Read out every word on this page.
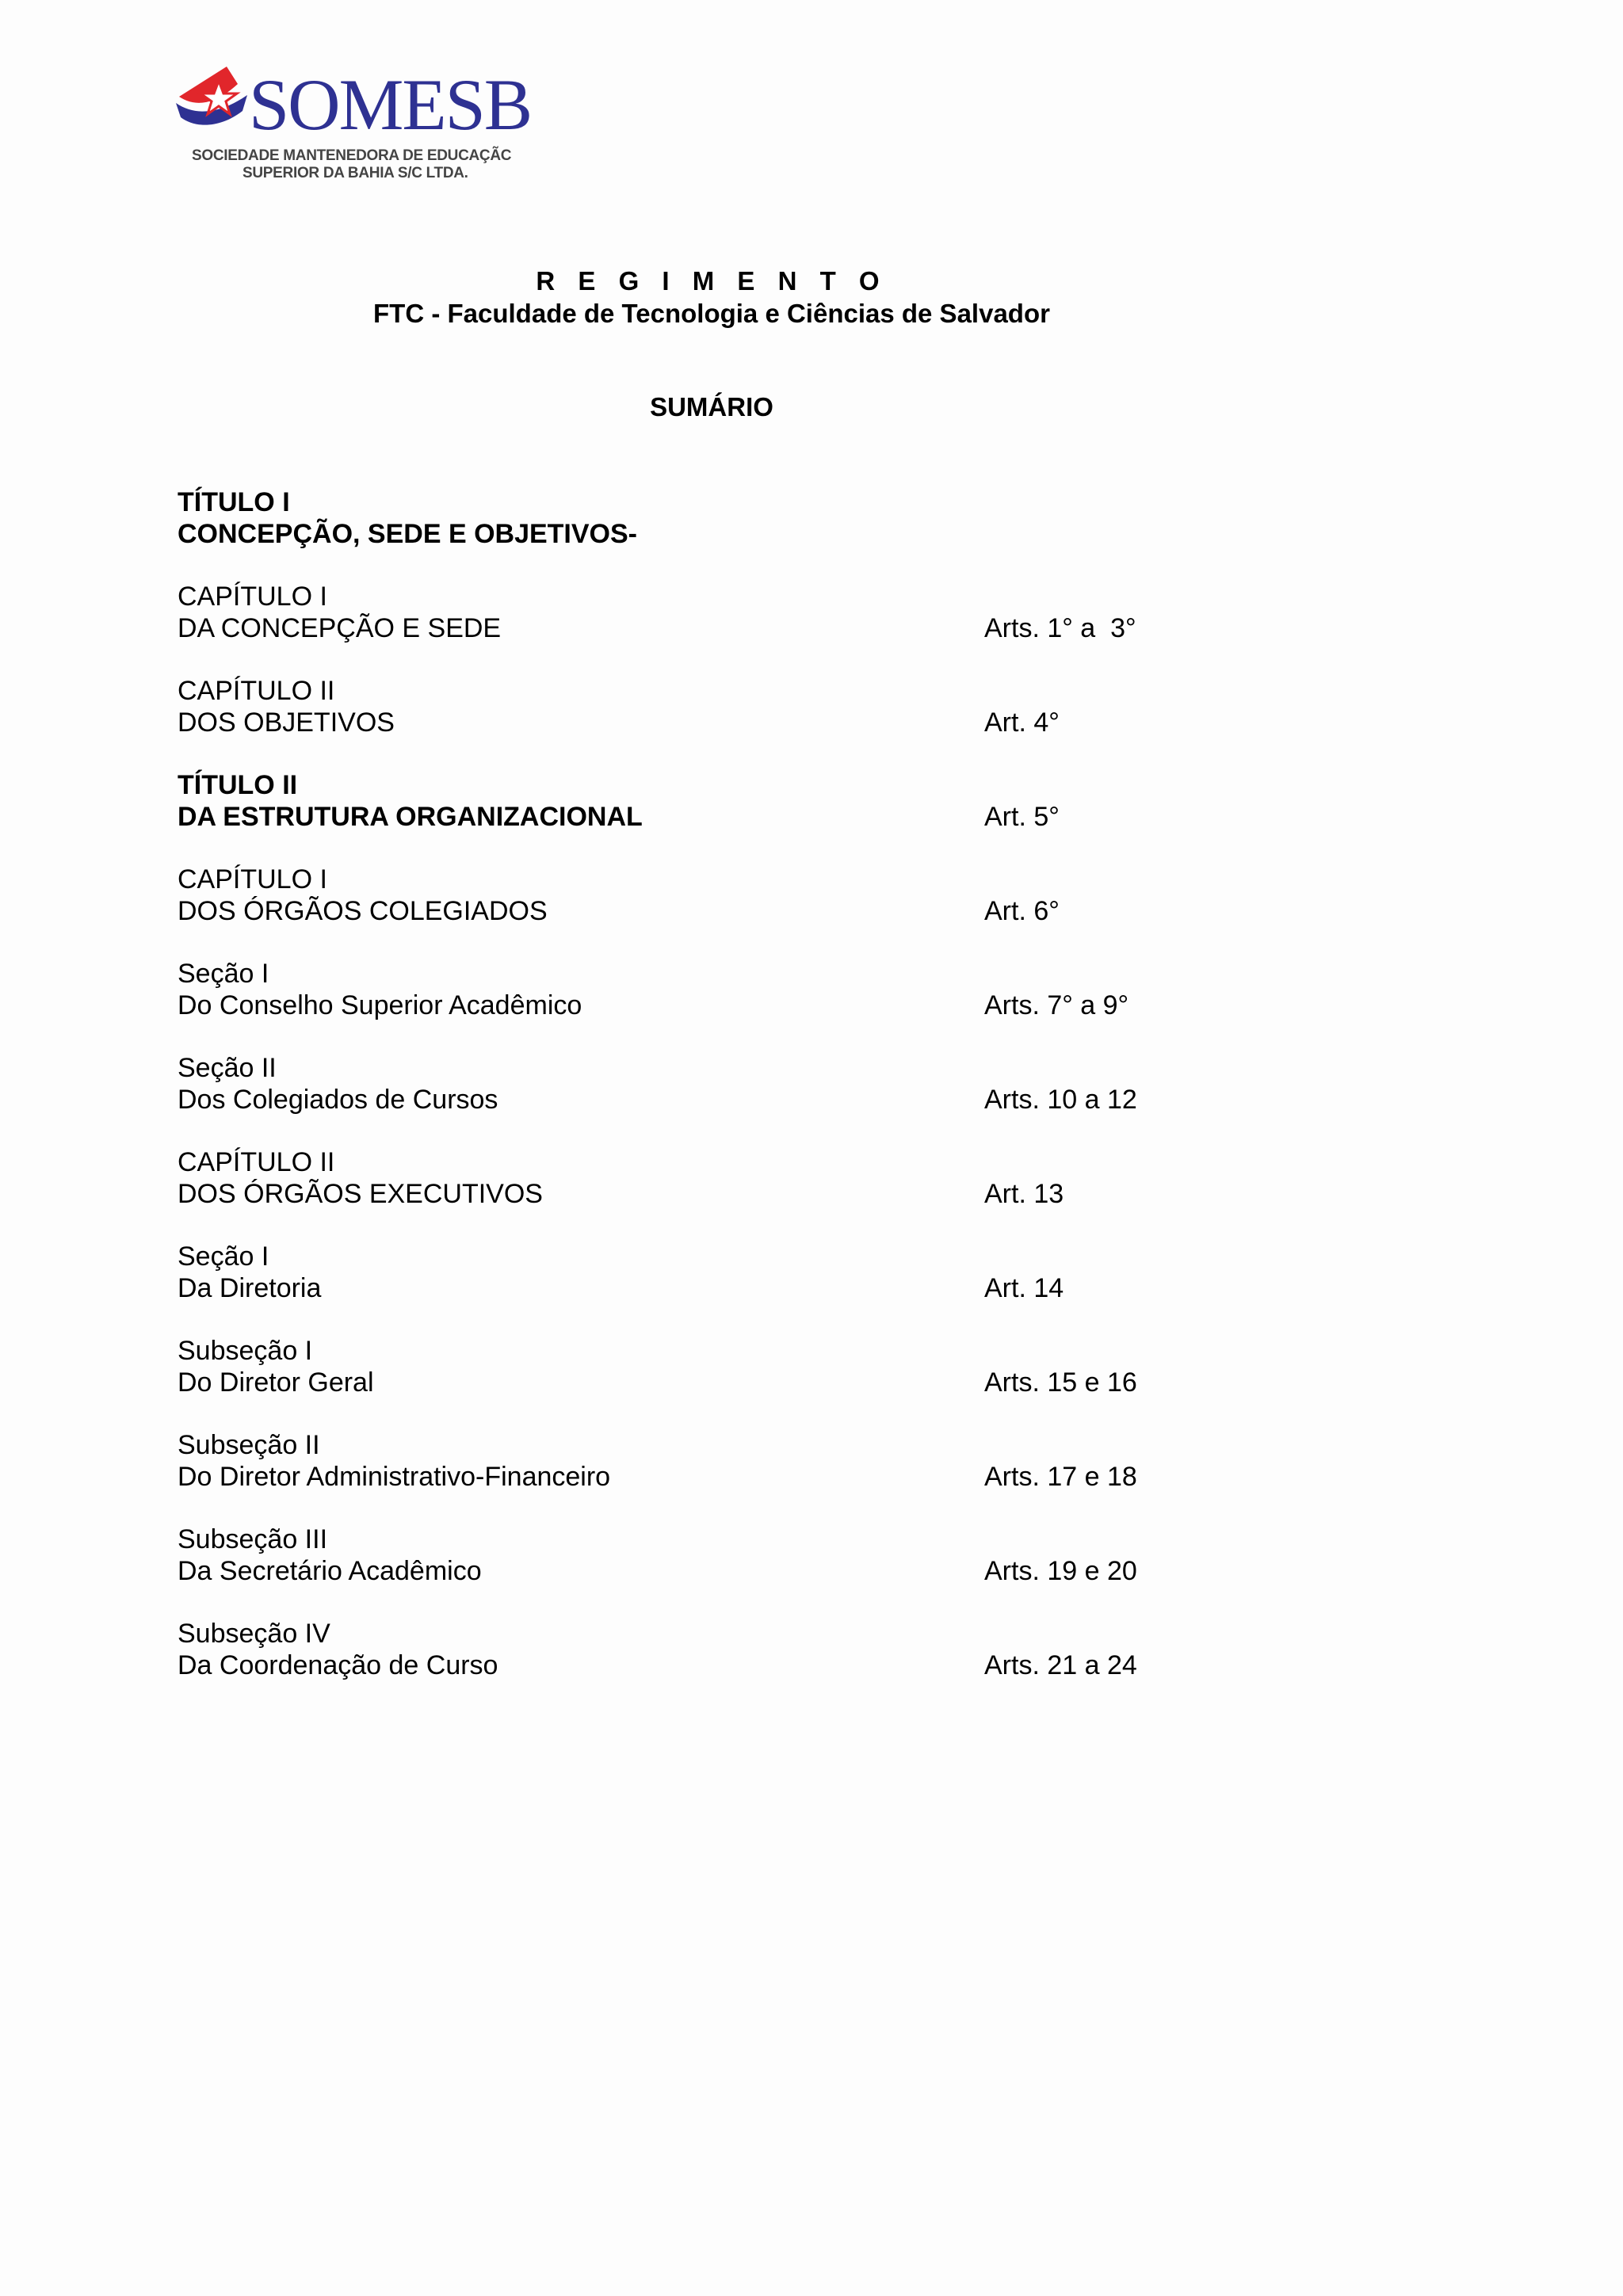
SOMESB
SOCIEDADE MANTENEDORA DE EDUCAÇÃC
SUPERIOR DA BAHIA S/C LTDA.
R E G I M E N T O
FTC - Faculdade de Tecnologia e Ciências de Salvador
SUMÁRIO
TÍTULO I
CONCEPÇÃO, SEDE E OBJETIVOS-
CAPÍTULO I
DA CONCEPÇÃO E SEDE	Arts. 1° a  3°
CAPÍTULO II
DOS OBJETIVOS	Art. 4°
TÍTULO II
DA ESTRUTURA ORGANIZACIONAL	Art. 5°
CAPÍTULO I
DOS ÓRGÃOS COLEGIADOS	Art. 6°
Seção I
Do Conselho Superior Acadêmico	Arts. 7° a 9°
Seção II
Dos Colegiados de Cursos	Arts. 10 a 12
CAPÍTULO II
DOS ÓRGÃOS EXECUTIVOS	Art. 13
Seção I
Da Diretoria	Art. 14
Subseção I
Do Diretor Geral	Arts. 15 e 16
Subseção II
Do Diretor Administrativo-Financeiro	Arts. 17 e 18
Subseção III
Da Secretário Acadêmico	Arts. 19 e 20
Subseção IV
Da Coordenação de Curso	Arts. 21 a 24
